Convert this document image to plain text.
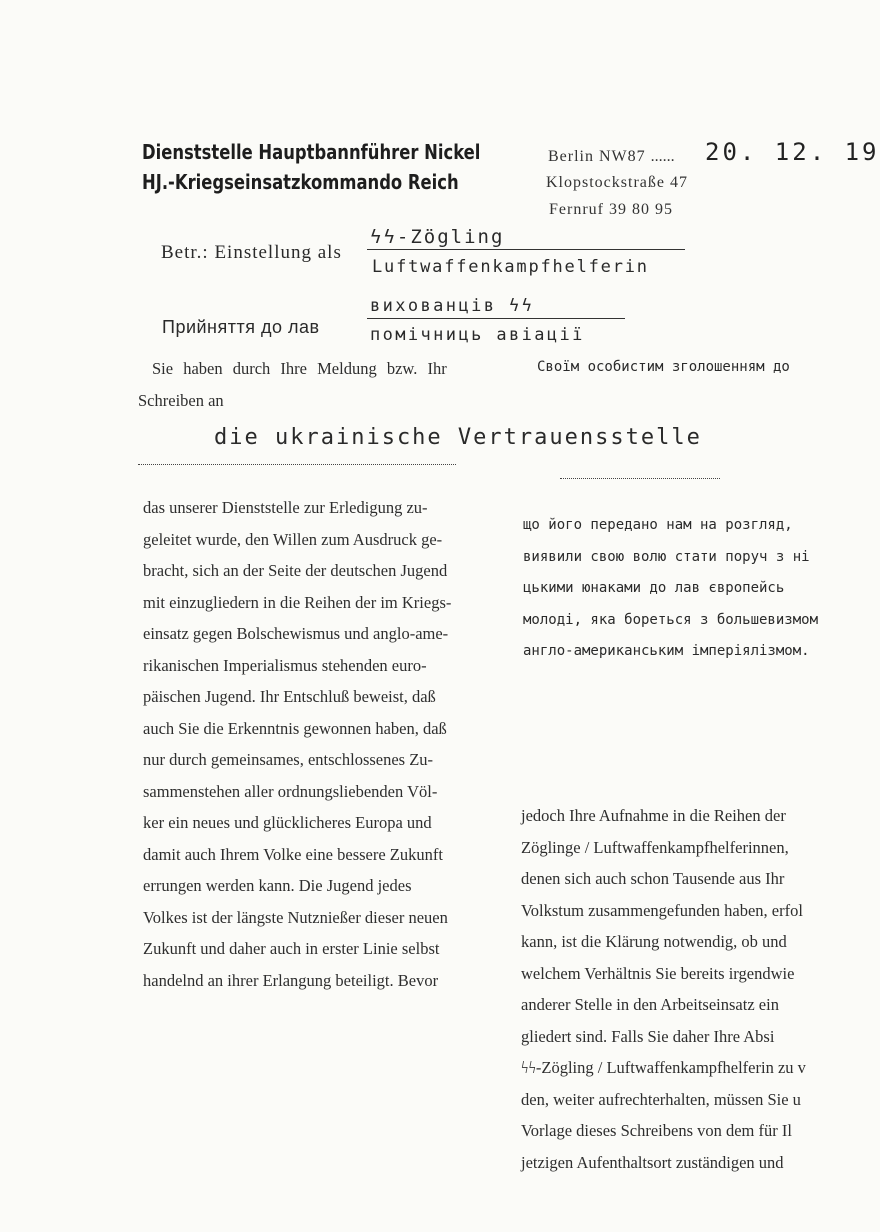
Dienststelle Hauptbannführer Nickel
HJ.-Kriegseinsatzkommando Reich
Berlin NW87 ...... 20. 12. 19
Klopstockstraße 47
Fernruf 39 80 95
Betr.: Einstellung als
ϟϟ-Zögling
Luftwaffenkampfhelferin
Прийняття до лав
вихованців ϟϟ
помічниць авіації
Sie haben durch Ihre Meldung bzw. Ihr
Schreiben an
Своїм особистим зголошенням до
die ukrainische Vertrauensstelle
das unserer Dienststelle zur Erledigung zu-
geleitet wurde, den Willen zum Ausdruck ge-
bracht, sich an der Seite der deutschen Jugend
mit einzugliedern in die Reihen der im Kriegs-
einsatz gegen Bolschewismus und anglo-ame-
rikanischen Imperialismus stehenden euro-
päischen Jugend. Ihr Entschluß beweist, daß
auch Sie die Erkenntnis gewonnen haben, daß
nur durch gemeinsames, entschlossenes Zu-
sammenstehen aller ordnungsliebenden Völ-
ker ein neues und glücklicheres Europa und
damit auch Ihrem Volke eine bessere Zukunft
errungen werden kann. Die Jugend jedes
Volkes ist der längste Nutznießer dieser neuen
Zukunft und daher auch in erster Linie selbst
handelnd an ihrer Erlangung beteiligt. Bevor
що його передано нам на розгляд,
виявили свою волю стати поруч з ні
цькими юнаками до лав європейсь
молоді, яка бореться з большевизмом
англо-американським імперіялізмом.
jedoch Ihre Aufnahme in die Reihen der
Zöglinge / Luftwaffenkampfhelferinnen,
denen sich auch schon Tausende aus Ihr
Volkstum zusammengefunden haben, erfol
kann, ist die Klärung notwendig, ob und
welchem Verhältnis Sie bereits irgendwie
anderer Stelle in den Arbeitseinsatz ein
gliedert sind. Falls Sie daher Ihre Absi
ϟϟ-Zögling / Luftwaffenkampfhelferin zu v
den, weiter aufrechterhalten, müssen Sie u
Vorlage dieses Schreibens von dem für Il
jetzigen Aufenthaltsort zuständigen und
